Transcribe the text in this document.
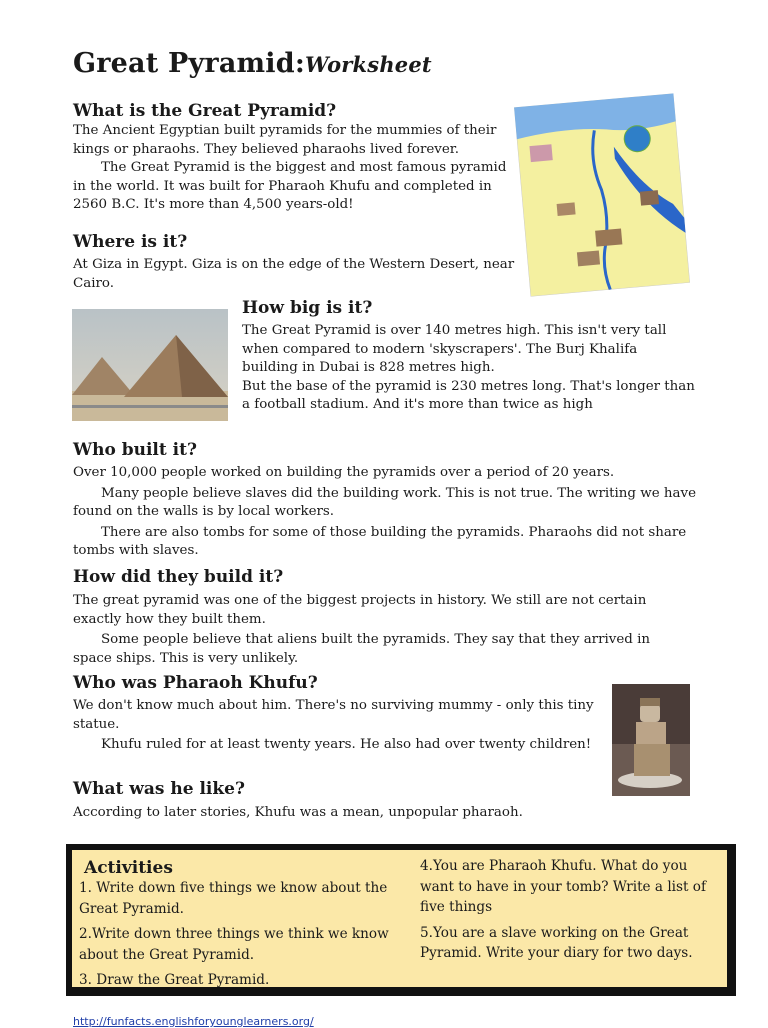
Great Pyramid:Worksheet
What is the Great Pyramid?

The Ancient Egyptian built pyramids for the mummies of their kings or pharaohs. They believed pharaohs lived forever.

The Great Pyramid is the biggest and most famous pyramid in the world. It was built for Pharaoh Khufu and completed in 2560 B.C. It's more than 4,500 years-old!

Where is it?

At Giza in Egypt. Giza is on the edge of the Western Desert, near Cairo.

How big is it?

The Great Pyramid is over 140 metres high. This isn't very tall when compared to modern 'skyscrapers'. The Burj Khalifa building in Dubai is 828 metres high.

But the base of the pyramid is 230 metres long. That's longer than a football stadium. And it's more than twice as high

Who built it?

Over 10,000 people worked on building the pyramids over a period of 20 years.

Many people believe slaves did the building work. This is not true. The writing we have found on the walls is by local workers.

There are also tombs for some of those building the pyramids. Pharaohs did not share tombs with slaves.

How did they build it?

The great pyramid was one of the biggest projects in history. We still are not certain exactly how they built them.

Some people believe that aliens built the pyramids. They say that they arrived in space ships. This is very unlikely.

Who was Pharaoh Khufu?

We don't know much about him. There's no surviving mummy - only this tiny statue.

Khufu ruled for at least twenty years. He also had over twenty children!

What was he like?

According to later stories, Khufu was a mean, unpopular pharaoh.

Activities

1. Write down five things we know about the Great Pyramid.

2.Write down three things we think we know about the Great Pyramid.

3. Draw the Great Pyramid.

4.You are Pharaoh Khufu. What do you want to have in your tomb? Write a list of five things

5.You are a slave working on the Great Pyramid. Write your diary for two days.

http://funfacts.englishforyounglearners.org/
